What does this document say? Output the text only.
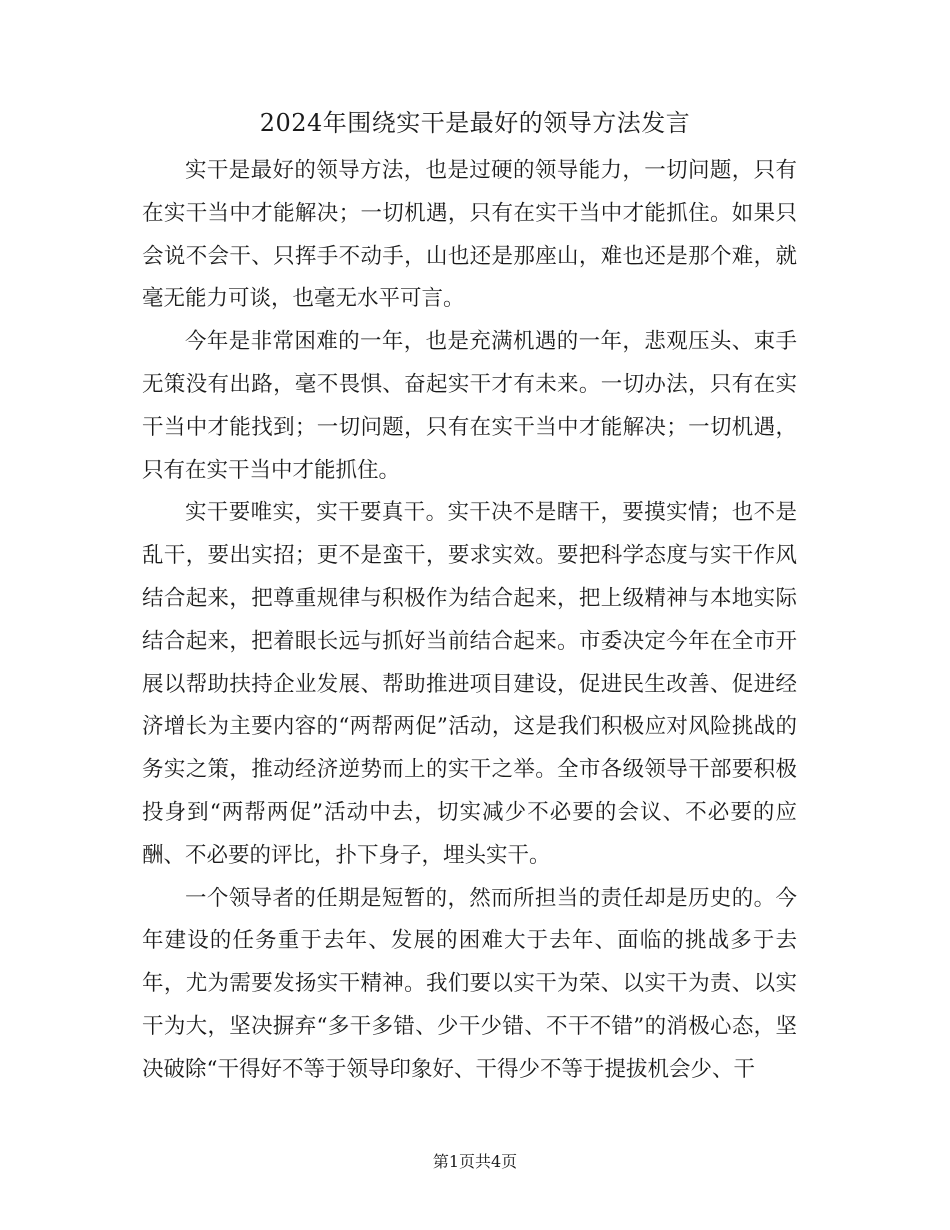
2024年围绕实干是最好的领导方法发言

实干是最好的领导方法，也是过硬的领导能力，一切问题，只有在实干当中才能解决；一切机遇，只有在实干当中才能抓住。如果只会说不会干、只挥手不动手，山也还是那座山，难也还是那个难，就毫无能力可谈，也毫无水平可言。

今年是非常困难的一年，也是充满机遇的一年，悲观压头、束手无策没有出路，毫不畏惧、奋起实干才有未来。一切办法，只有在实干当中才能找到；一切问题，只有在实干当中才能解决；一切机遇，只有在实干当中才能抓住。

实干要唯实，实干要真干。实干决不是瞎干，要摸实情；也不是乱干，要出实招；更不是蛮干，要求实效。要把科学态度与实干作风结合起来，把尊重规律与积极作为结合起来，把上级精神与本地实际结合起来，把着眼长远与抓好当前结合起来。市委决定今年在全市开展以帮助扶持企业发展、帮助推进项目建设，促进民生改善、促进经济增长为主要内容的“两帮两促”活动，这是我们积极应对风险挑战的务实之策，推动经济逆势而上的实干之举。全市各级领导干部要积极投身到“两帮两促”活动中去，切实减少不必要的会议、不必要的应酬、不必要的评比，扑下身子，埋头实干。

一个领导者的任期是短暂的，然而所担当的责任却是历史的。今年建设的任务重于去年、发展的困难大于去年、面临的挑战多于去年，尤为需要发扬实干精神。我们要以实干为荣、以实干为责、以实干为大，坚决摒弃“多干多错、少干少错、不干不错”的消极心态，坚决破除“干得好不等于领导印象好、干得少不等于提拔机会少、干

第1页共4页
